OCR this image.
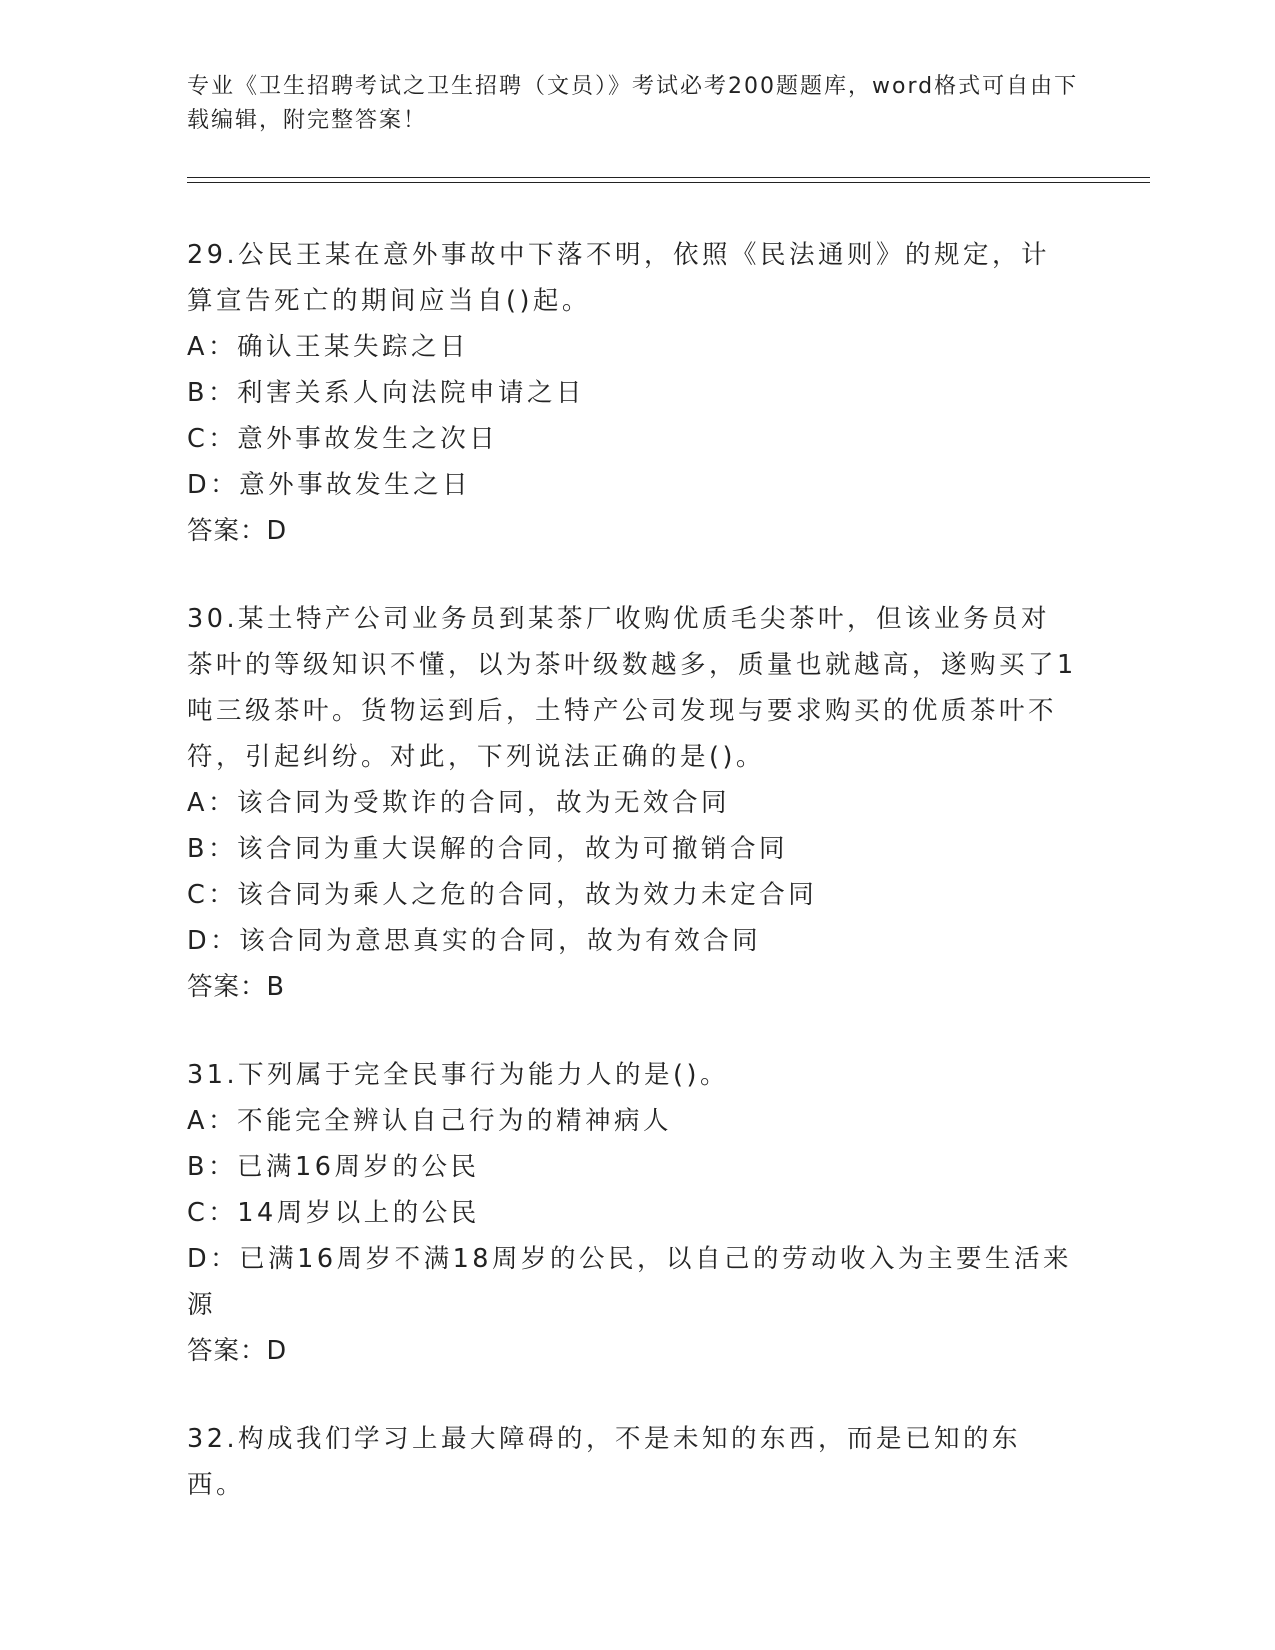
专业《卫生招聘考试之卫生招聘（文员）》考试必考200题题库，word格式可自由下载编辑，附完整答案！

29.公民王某在意外事故中下落不明，依照《民法通则》的规定，计算宣告死亡的期间应当自()起。

A：确认王某失踪之日

B：利害关系人向法院申请之日

C：意外事故发生之次日

D：意外事故发生之日

答案：D

30.某土特产公司业务员到某茶厂收购优质毛尖茶叶，但该业务员对茶叶的等级知识不懂，以为茶叶级数越多，质量也就越高，遂购买了1吨三级茶叶。货物运到后，土特产公司发现与要求购买的优质茶叶不符，引起纠纷。对此，下列说法正确的是()。

A：该合同为受欺诈的合同，故为无效合同

B：该合同为重大误解的合同，故为可撤销合同

C：该合同为乘人之危的合同，故为效力未定合同

D：该合同为意思真实的合同，故为有效合同

答案：B

31.下列属于完全民事行为能力人的是()。

A：不能完全辨认自己行为的精神病人

B：已满16周岁的公民

C：14周岁以上的公民

D：已满16周岁不满18周岁的公民，以自己的劳动收入为主要生活来源

答案：D

32.构成我们学习上最大障碍的，不是未知的东西，而是已知的东西。
